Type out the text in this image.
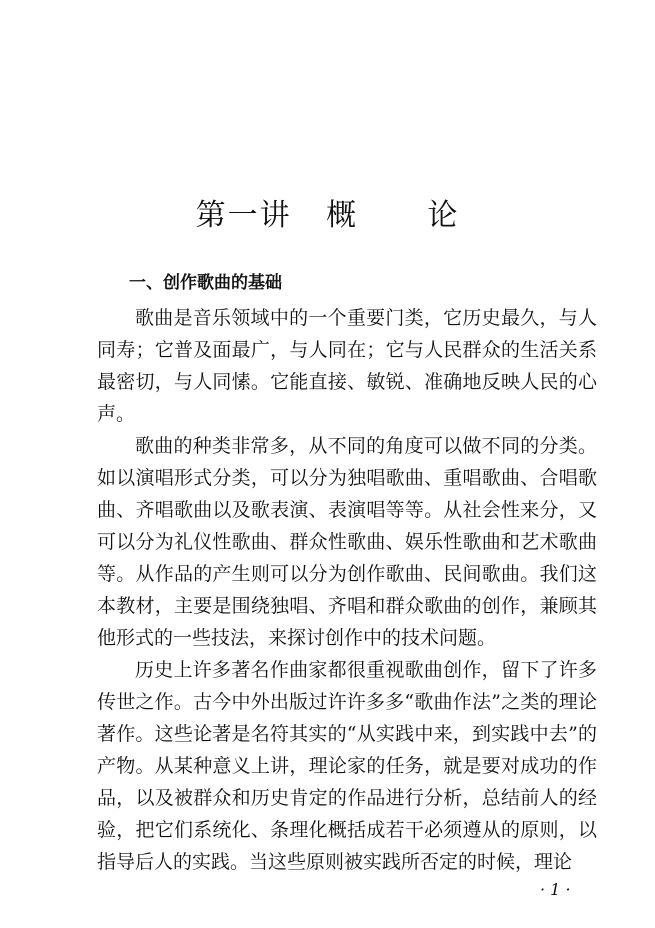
第一讲   概      论
一、创作歌曲的基础

歌曲是音乐领域中的一个重要门类，它历史最久，与人同寿；它普及面最广，与人同在；它与人民群众的生活关系最密切，与人同愫。它能直接、敏锐、准确地反映人民的心声。

歌曲的种类非常多，从不同的角度可以做不同的分类。如以演唱形式分类，可以分为独唱歌曲、重唱歌曲、合唱歌曲、齐唱歌曲以及歌表演、表演唱等等。从社会性来分，又可以分为礼仪性歌曲、群众性歌曲、娱乐性歌曲和艺术歌曲等。从作品的产生则可以分为创作歌曲、民间歌曲。我们这本教材，主要是围绕独唱、齐唱和群众歌曲的创作，兼顾其他形式的一些技法，来探讨创作中的技术问题。

历史上许多著名作曲家都很重视歌曲创作，留下了许多传世之作。古今中外出版过许许多多“歌曲作法”之类的理论著作。这些论著是名符其实的“从实践中来，到实践中去”的产物。从某种意义上讲，理论家的任务，就是要对成功的作品，以及被群众和历史肯定的作品进行分析，总结前人的经验，把它们系统化、条理化概括成若干必须遵从的原则，以指导后人的实践。当这些原则被实践所否定的时候，理论

· 1 ·
